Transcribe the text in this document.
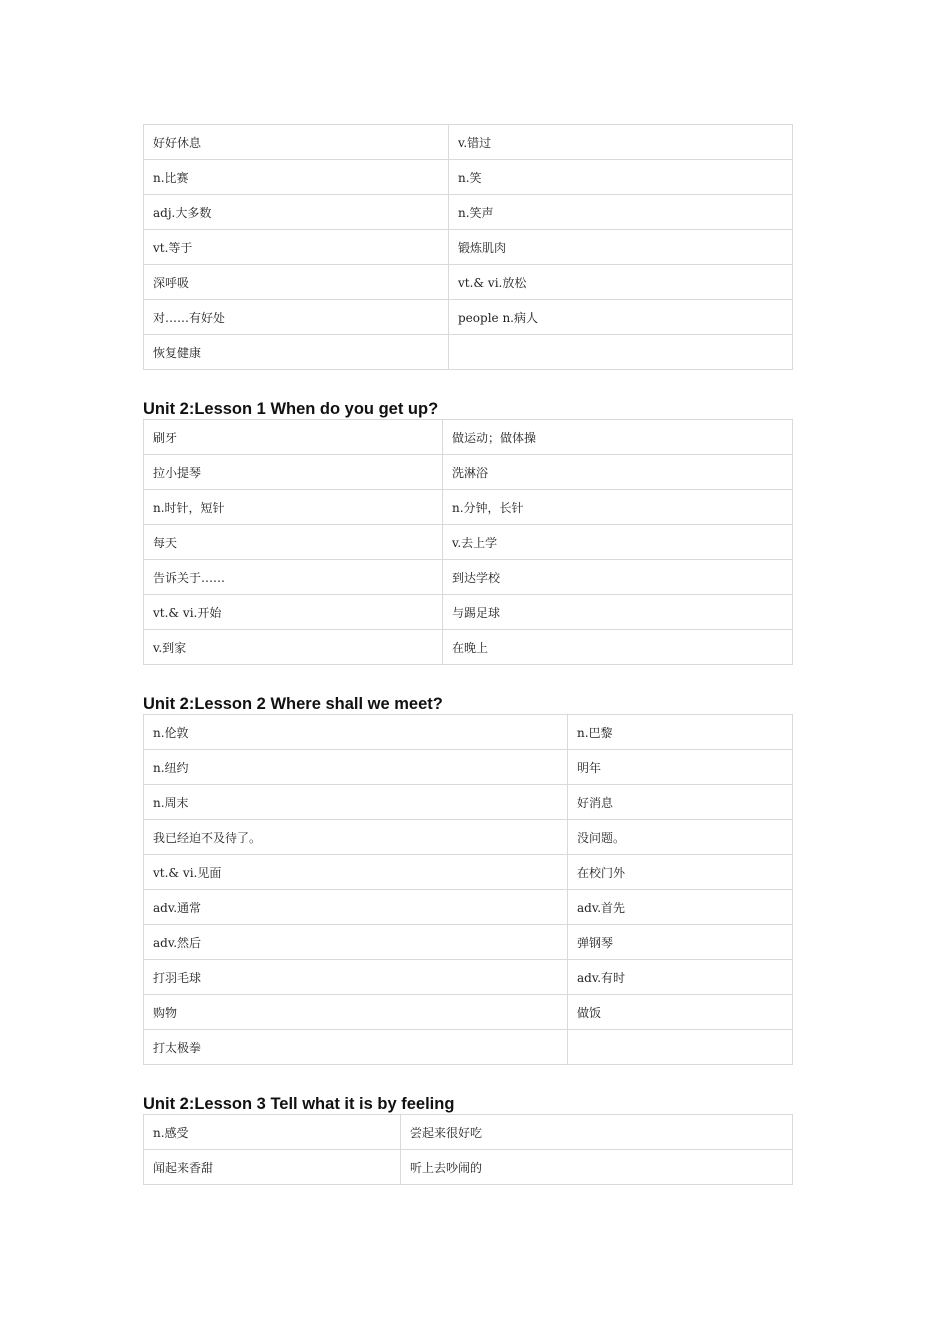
好好休息	v.错过
n.比赛	n.笑
adj.大多数	n.笑声
vt.等于	锻炼肌肉
深呼吸	vt.& vi.放松
对……有好处	people n.病人
恢复健康	
Unit 2:Lesson 1 When do you get up?
刷牙	做运动；做体操
拉小提琴	洗淋浴
n.时针，短针	n.分钟，长针
每天	v.去上学
告诉关于……	到达学校
vt.& vi.开始	与踢足球
v.到家	在晚上
Unit 2:Lesson 2 Where shall we meet?
n.伦敦	n.巴黎
n.纽约	明年
n.周末	好消息
我已经迫不及待了。	没问题。
vt.& vi.见面	在校门外
adv.通常	adv.首先
adv.然后	弹钢琴
打羽毛球	adv.有时
购物	做饭
打太极拳	
Unit 2:Lesson 3 Tell what it is by feeling
n.感受	尝起来很好吃
闻起来香甜	听上去吵闹的
